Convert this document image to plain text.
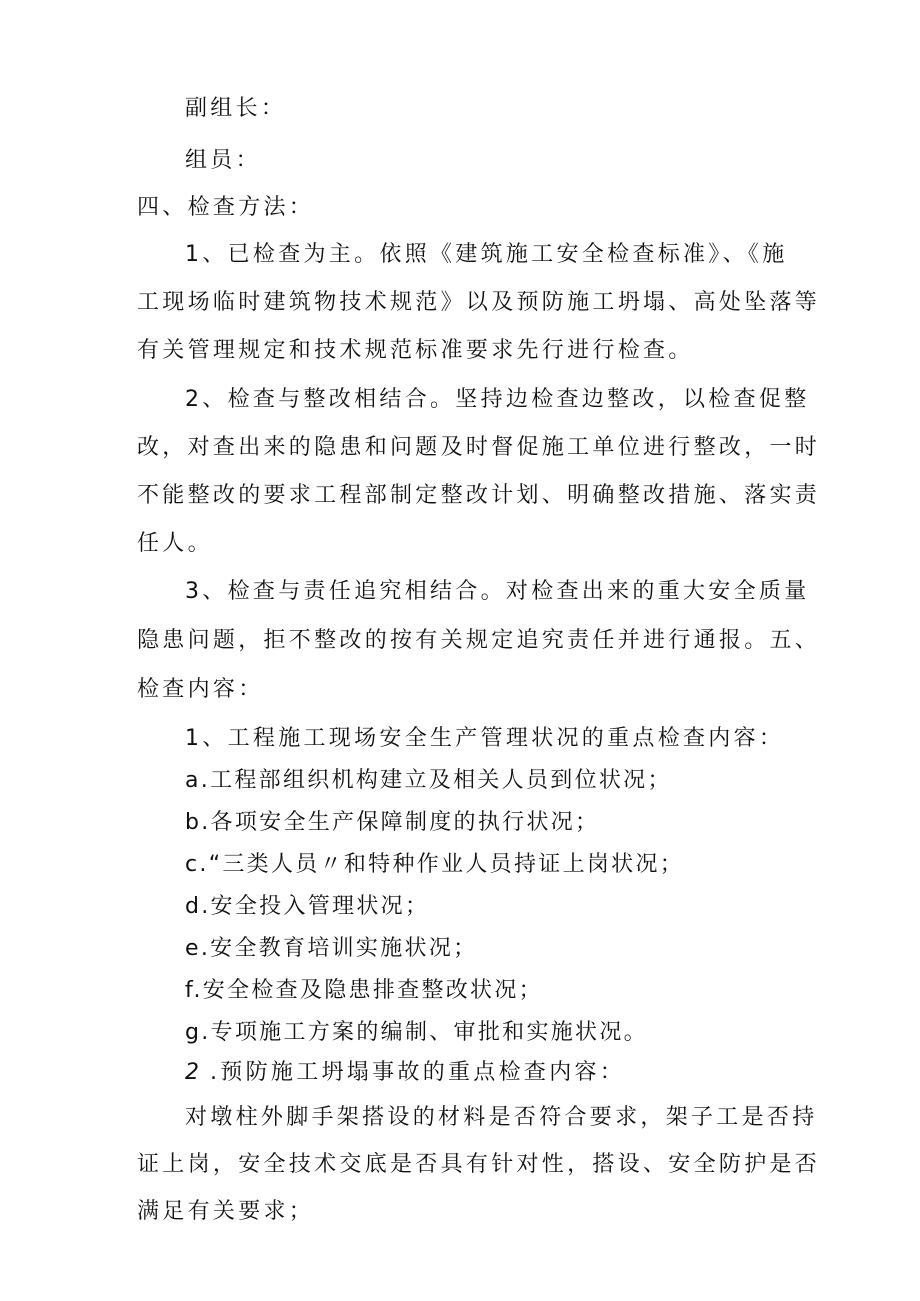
副组长：
组员：
四、检查方法：
1、已检查为主。依照《建筑施工安全检查标准》、《施
工现场临时建筑物技术规范》以及预防施工坍塌、高处坠落等
有关管理规定和技术规范标准要求先行进行检查。
2、检查与整改相结合。坚持边检查边整改，以检查促整
改，对查出来的隐患和问题及时督促施工单位进行整改，一时
不能整改的要求工程部制定整改计划、明确整改措施、落实责
任人。
3、检查与责任追究相结合。对检查出来的重大安全质量
隐患问题，拒不整改的按有关规定追究责任并进行通报。五、
检查内容：
1、工程施工现场安全生产管理状况的重点检查内容：
a.工程部组织机构建立及相关人员到位状况；
b.各项安全生产保障制度的执行状况；
c.“三类人员〃和特种作业人员持证上岗状况；
d.安全投入管理状况；
e.安全教育培训实施状况；
f.安全检查及隐患排查整改状况；
g.专项施工方案的编制、审批和实施状况。
2 .预防施工坍塌事故的重点检查内容：
对墩柱外脚手架搭设的材料是否符合要求，架子工是否持
证上岗，安全技术交底是否具有针对性，搭设、安全防护是否
满足有关要求；
